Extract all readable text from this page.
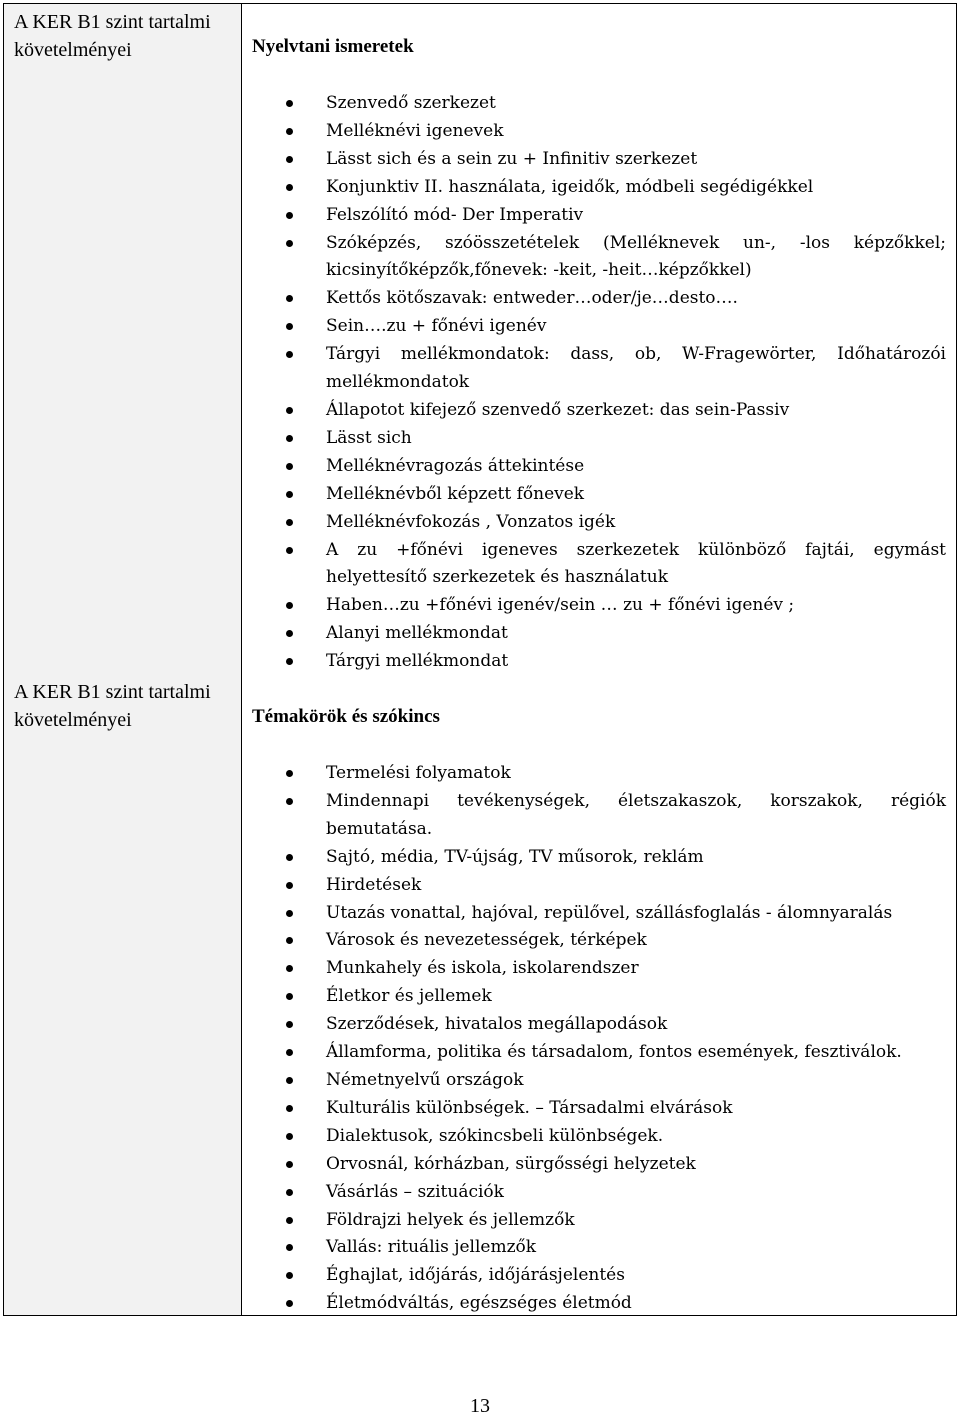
A KER B1 szint tartalmi követelményei
A KER B1 szint tartalmi követelményei
Nyelvtani ismeretek
Szenvedő szerkezet
Melléknévi igenevek
Lässt sich és a sein zu + Infinitiv szerkezet
Konjunktiv II. használata, igeidők, módbeli segédigékkel
Felszólító mód- Der Imperativ
Szóképzés, szóösszetételek (Melléknevek un-, -los képzőkkel; kicsinyítőképzők,főnevek: -keit, -heit…képzőkkel)
Kettős kötőszavak: entweder…oder/je…desto….
Sein….zu + főnévi igenév
Tárgyi mellékmondatok: dass, ob, W-Fragewörter, Időhatározói mellékmondatok
Állapotot kifejező szenvedő szerkezet: das sein-Passiv
Lässt sich
Melléknévragozás áttekintése
Melléknévből képzett főnevek
Melléknévfokozás , Vonzatos igék
A zu +főnévi igeneves szerkezetek különböző fajtái, egymást helyettesítő szerkezetek és használatuk
Haben…zu +főnévi igenév/sein … zu + főnévi igenév ;
Alanyi mellékmondat
Tárgyi mellékmondat
Témakörök és szókincs
Termelési folyamatok
Mindennapi tevékenységek, életszakaszok, korszakok, régiók bemutatása.
Sajtó, média, TV-újság, TV műsorok, reklám
Hirdetések
Utazás vonattal, hajóval, repülővel, szállásfoglalás - álomnyaralás
Városok és nevezetességek, térképek
Munkahely és iskola, iskolarendszer
Életkor és jellemek
Szerződések, hivatalos megállapodások
Államforma, politika és társadalom, fontos események, fesztiválok.
Németnyelvű országok
Kulturális különbségek. – Társadalmi elvárások
Dialektusok, szókincsbeli különbségek.
Orvosnál, kórházban, sürgősségi helyzetek
Vásárlás – szituációk
Földrajzi helyek és jellemzők
Vallás: rituális jellemzők
Éghajlat, időjárás, időjárásjelentés
Életmódváltás, egészséges életmód
13
